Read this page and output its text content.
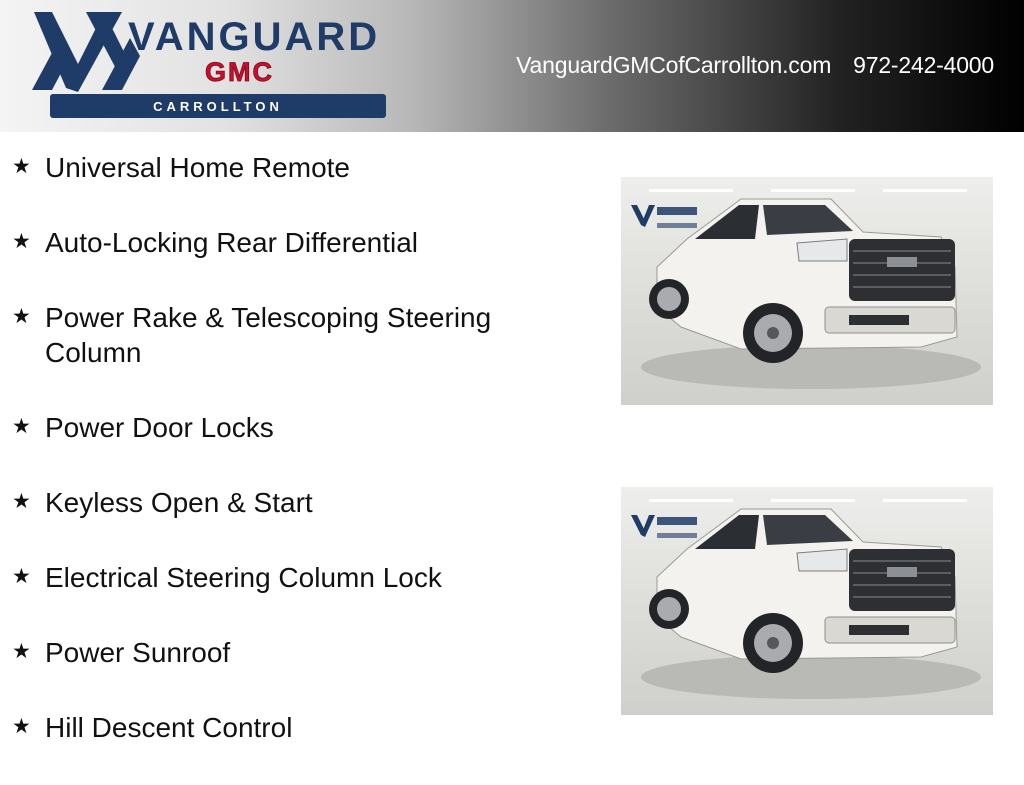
VANGUARD
GMC
CARROLLTON
VanguardGMCofCarrollton.com 972-242-4000
★ Universal Home Remote
★ Auto-Locking Rear Differential
★ Power Rake & Telescoping Steering Column
★ Power Door Locks
★ Keyless Open & Start
★ Electrical Steering Column Lock
★ Power Sunroof
★ Hill Descent Control
